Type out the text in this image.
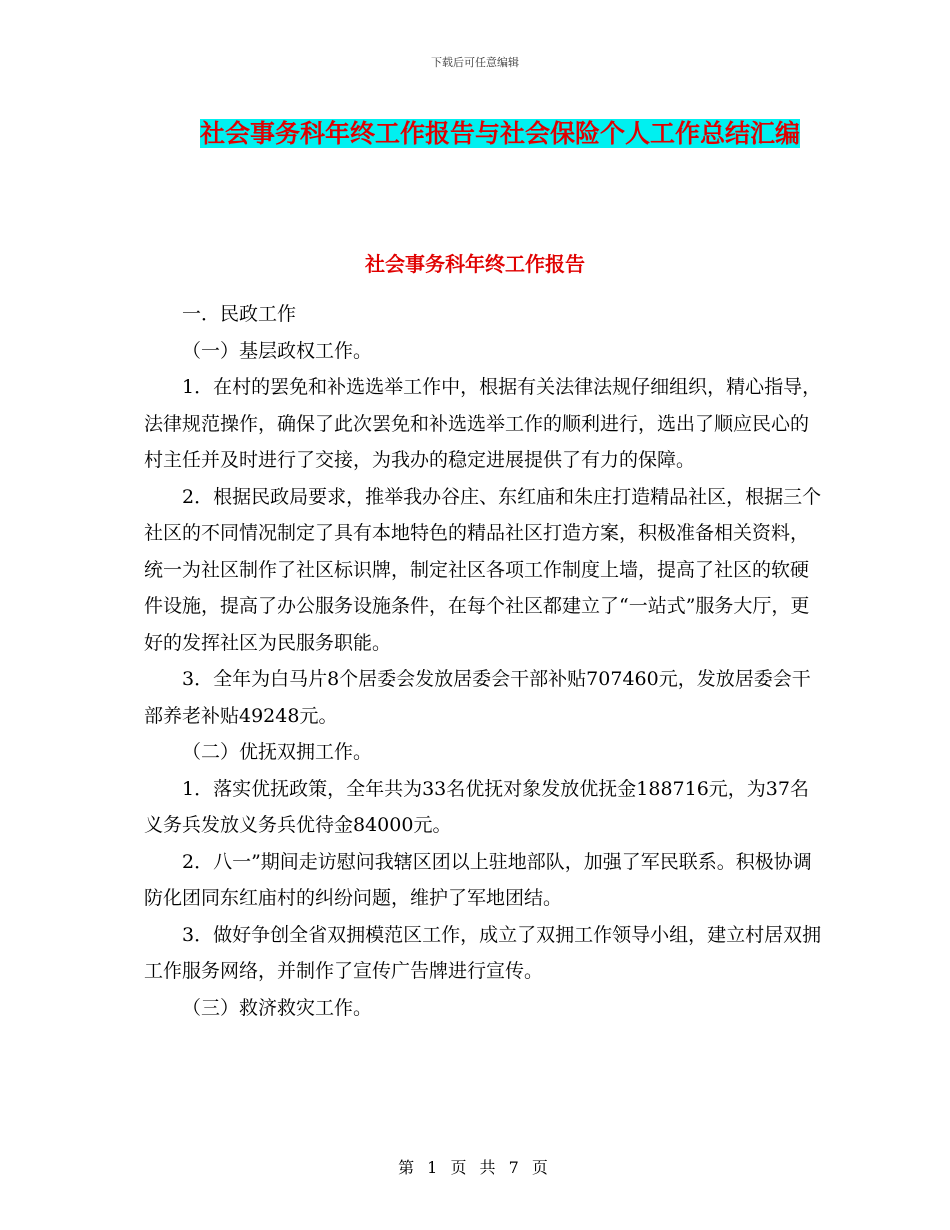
下载后可任意编辑
社会事务科年终工作报告与社会保险个人工作总结汇编
社会事务科年终工作报告

一．民政工作

（一）基层政权工作。

1．在村的罢免和补选选举工作中，根据有关法律法规仔细组织，精心指导，法律规范操作，确保了此次罢免和补选选举工作的顺利进行，选出了顺应民心的村主任并及时进行了交接，为我办的稳定进展提供了有力的保障。

2．根据民政局要求，推举我办谷庄、东红庙和朱庄打造精品社区，根据三个社区的不同情况制定了具有本地特色的精品社区打造方案，积极准备相关资料，统一为社区制作了社区标识牌，制定社区各项工作制度上墙，提高了社区的软硬件设施，提高了办公服务设施条件，在每个社区都建立了“一站式”服务大厅，更好的发挥社区为民服务职能。

3．全年为白马片8个居委会发放居委会干部补贴707460元，发放居委会干部养老补贴49248元。

（二）优抚双拥工作。

1．落实优抚政策，全年共为33名优抚对象发放优抚金188716元，为37名义务兵发放义务兵优待金84000元。

2．八一”期间走访慰问我辖区团以上驻地部队，加强了军民联系。积极协调防化团同东红庙村的纠纷问题，维护了军地团结。

3．做好争创全省双拥模范区工作，成立了双拥工作领导小组，建立村居双拥工作服务网络，并制作了宣传广告牌进行宣传。

（三）救济救灾工作。

第 1 页 共 7 页
